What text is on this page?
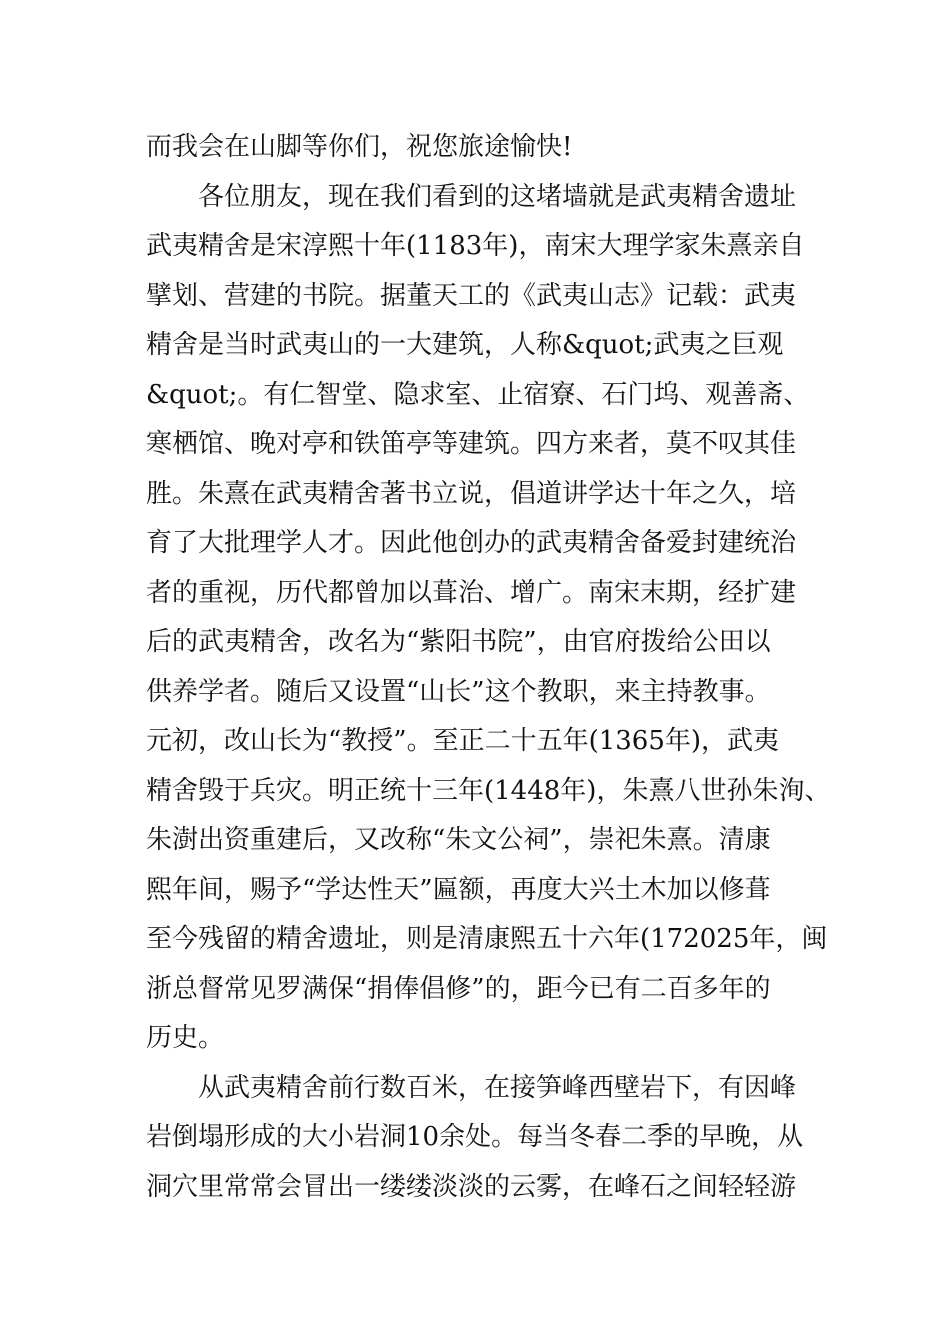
而我会在山脚等你们，祝您旅途愉快!
各位朋友，现在我们看到的这堵墙就是武夷精舍遗址
武夷精舍是宋淳熙十年(1183年)，南宋大理学家朱熹亲自
擘划、营建的书院。据董天工的《武夷山志》记载：武夷
精舍是当时武夷山的一大建筑，人称&quot;武夷之巨观
&quot;。有仁智堂、隐求室、止宿寮、石门坞、观善斋、
寒栖馆、晚对亭和铁笛亭等建筑。四方来者，莫不叹其佳
胜。朱熹在武夷精舍著书立说，倡道讲学达十年之久，培
育了大批理学人才。因此他创办的武夷精舍备爱封建统治
者的重视，历代都曾加以葺治、增广。南宋末期，经扩建
后的武夷精舍，改名为“紫阳书院”，由官府拨给公田以
供养学者。随后又设置“山长”这个教职，来主持教事。
元初，改山长为“教授”。至正二十五年(1365年)，武夷
精舍毁于兵灾。明正统十三年(1448年)，朱熹八世孙朱洵、
朱澍出资重建后，又改称“朱文公祠”，崇祀朱熹。清康
熙年间，赐予“学达性天”匾额，再度大兴土木加以修葺
至今残留的精舍遗址，则是清康熙五十六年(172025年，闽
浙总督常见罗满保“捐俸倡修”的，距今已有二百多年的
历史。
从武夷精舍前行数百米，在接笋峰西壁岩下，有因峰
岩倒塌形成的大小岩洞10余处。每当冬春二季的早晚，从
洞穴里常常会冒出一缕缕淡淡的云雾，在峰石之间轻轻游
